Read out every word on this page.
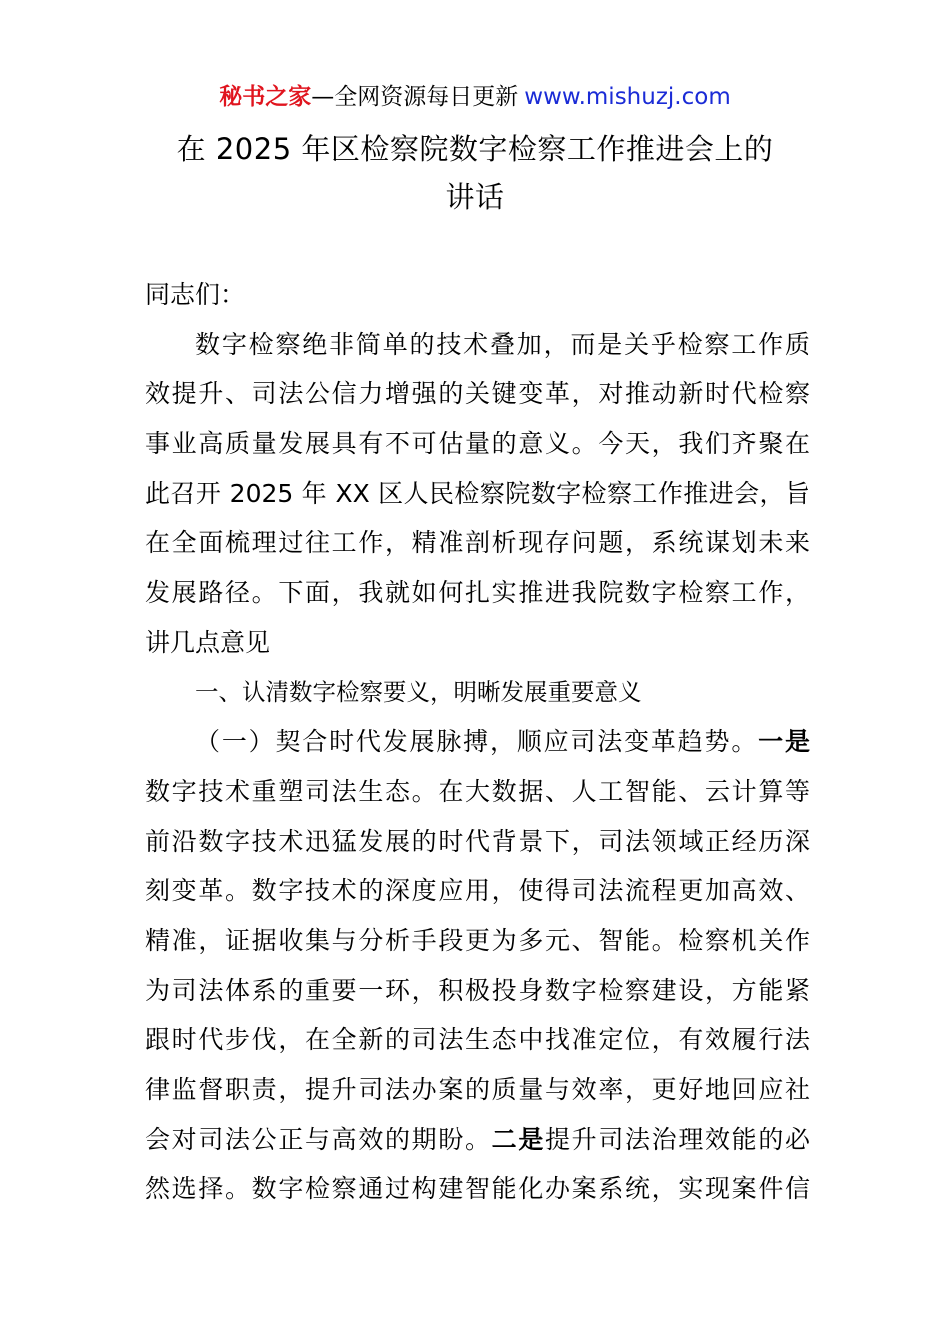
秘书之家—全网资源每日更新 www.mishuzj.com
在 2025 年区检察院数字检察工作推进会上的
讲话
同志们：
数字检察绝非简单的技术叠加，而是关乎检察工作质
效提升、司法公信力增强的关键变革，对推动新时代检察
事业高质量发展具有不可估量的意义。今天，我们齐聚在
此召开 2025 年 XX 区人民检察院数字检察工作推进会，旨
在全面梳理过往工作，精准剖析现存问题，系统谋划未来
发展路径。下面，我就如何扎实推进我院数字检察工作，
讲几点意见
一、认清数字检察要义，明晰发展重要意义
（一）契合时代发展脉搏，顺应司法变革趋势。一是
数字技术重塑司法生态。在大数据、人工智能、云计算等
前沿数字技术迅猛发展的时代背景下，司法领域正经历深
刻变革。数字技术的深度应用，使得司法流程更加高效、
精准，证据收集与分析手段更为多元、智能。检察机关作
为司法体系的重要一环，积极投身数字检察建设，方能紧
跟时代步伐，在全新的司法生态中找准定位，有效履行法
律监督职责，提升司法办案的质量与效率，更好地回应社
会对司法公正与高效的期盼。二是提升司法治理效能的必
然选择。数字检察通过构建智能化办案系统，实现案件信
